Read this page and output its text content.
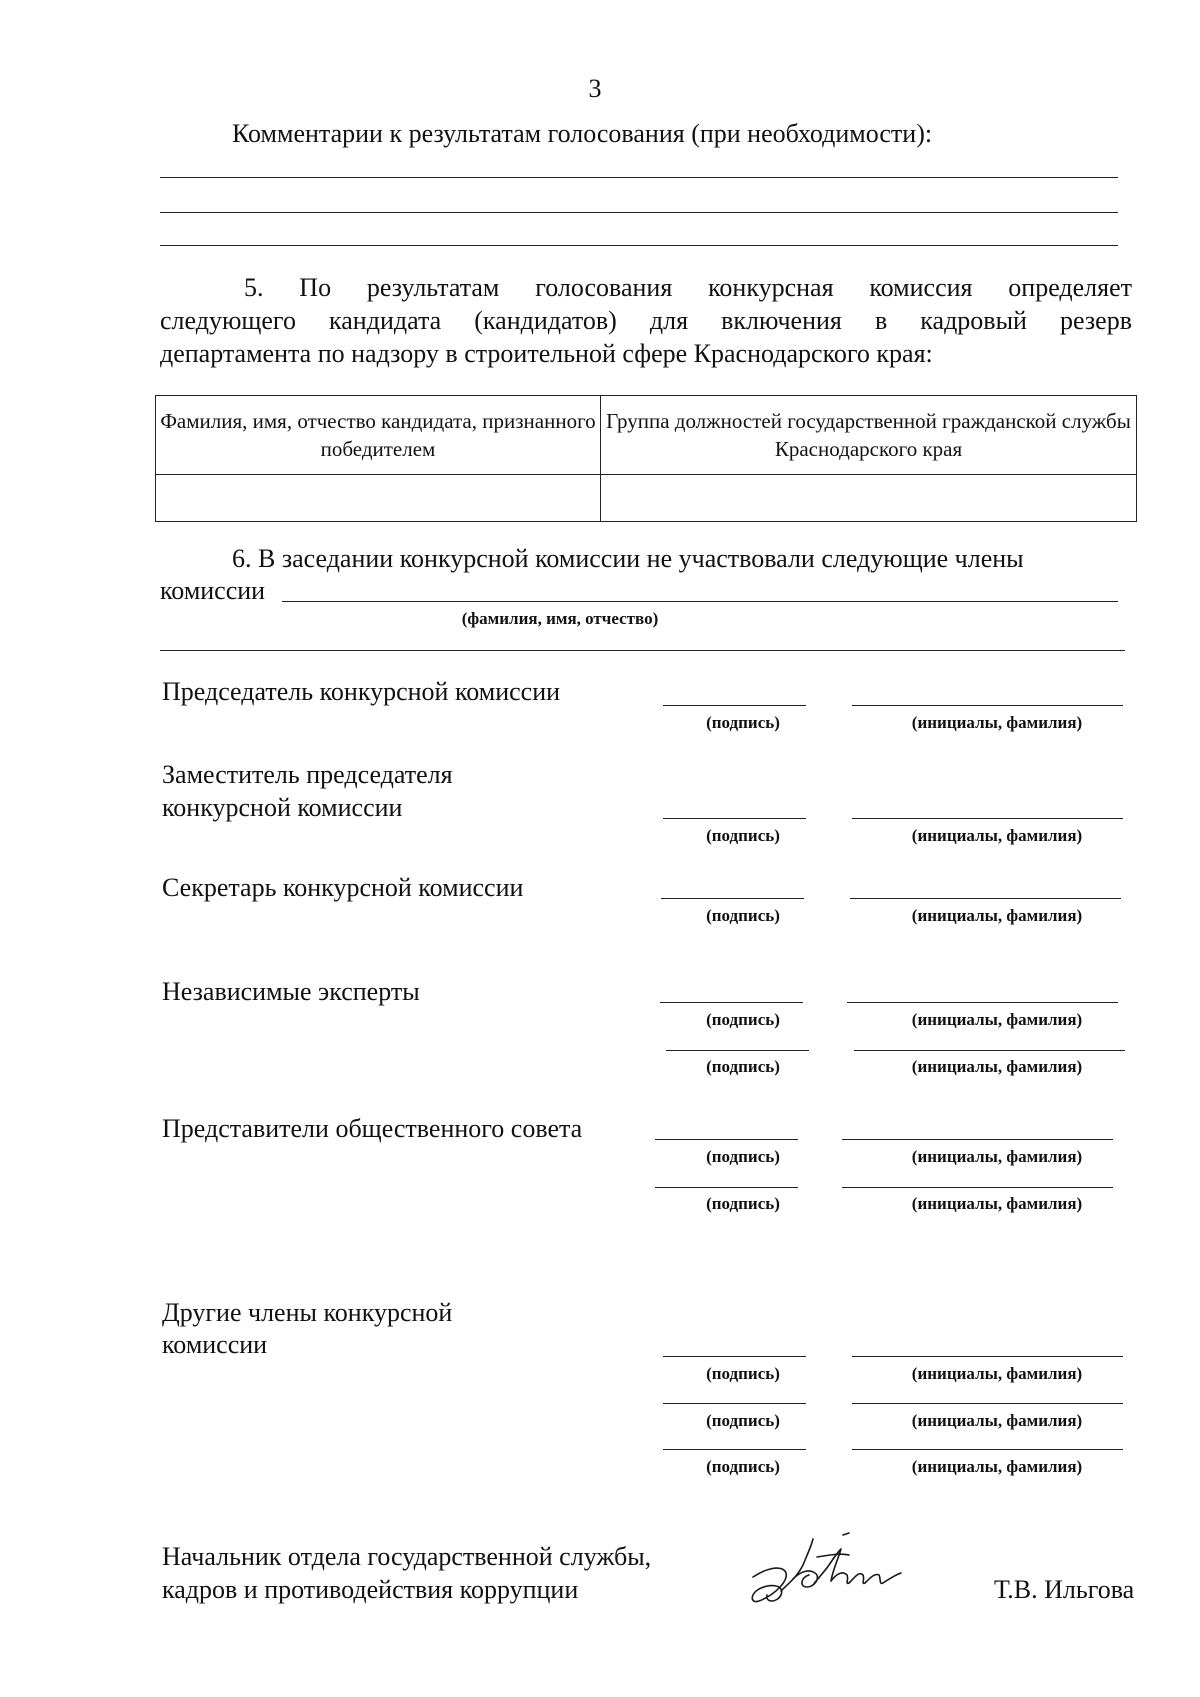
3
Комментарии к результатам голосования (при необходимости):
5. По результатам голосования конкурсная комиссия определяет
следующего кандидата (кандидатов) для включения в кадровый резерв
департамента по надзору в строительной сфере Краснодарского края:
Фамилия, имя, отчество кандидата, признанного победителем	Группа должностей государственной гражданской службы Краснодарского края

6. В заседании конкурсной комиссии не участвовали следующие члены
комиссии
(фамилия, имя, отчество)
Председатель конкурсной комиссии
(подпись)	(инициалы, фамилия)
Заместитель председателя
конкурсной комиссии
(подпись)	(инициалы, фамилия)
Секретарь конкурсной комиссии
(подпись)	(инициалы, фамилия)
Независимые эксперты
(подпись)	(инициалы, фамилия)
(подпись)	(инициалы, фамилия)
Представители общественного совета
(подпись)	(инициалы, фамилия)
(подпись)	(инициалы, фамилия)
Другие члены конкурсной
комиссии
(подпись)	(инициалы, фамилия)
(подпись)	(инициалы, фамилия)
(подпись)	(инициалы, фамилия)
Начальник отдела государственной службы,
кадров и противодействия коррупции	Т.В. Ильгова
